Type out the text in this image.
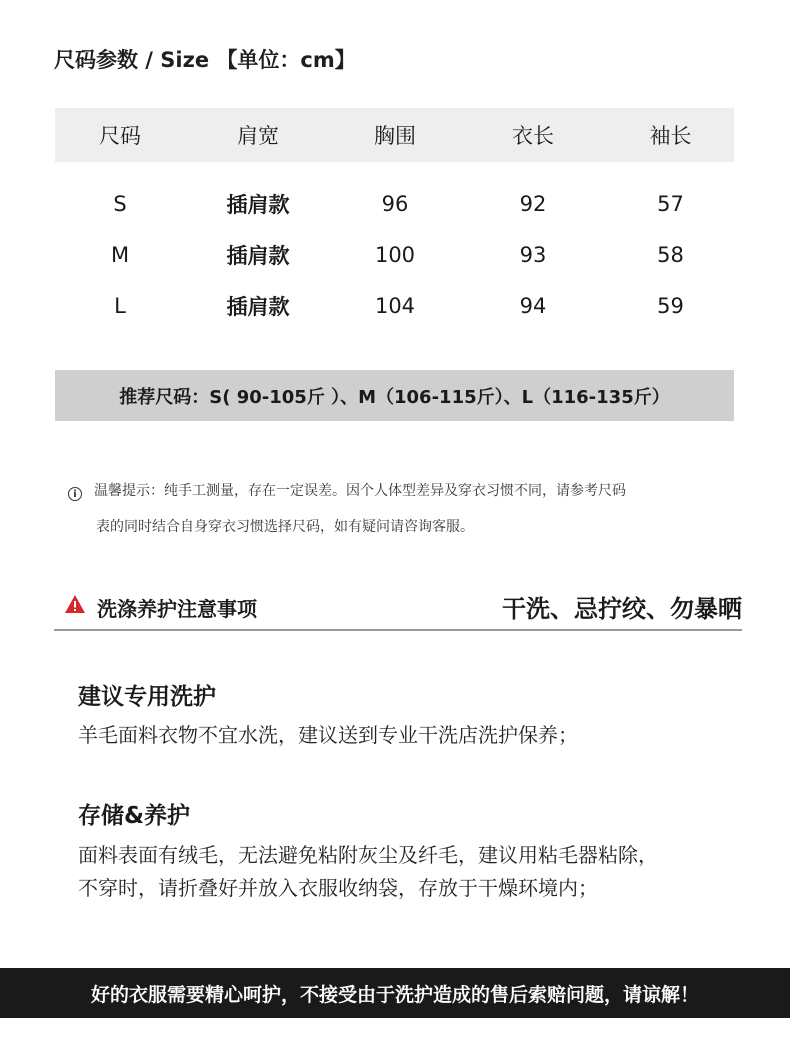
尺码参数 / Size 【单位：cm】
尺码	肩宽	胸围	衣长	袖长
S	插肩款	96	92	57
M	插肩款	100	93	58
L	插肩款	104	94	59
推荐尺码：S( 90-105斤 ）、M（106-115斤）、L（116-135斤）
i 温馨提示：纯手工测量，存在一定误差。因个人体型差异及穿衣习惯不同，请参考尺码
表的同时结合自身穿衣习惯选择尺码，如有疑问请咨询客服。
洗涤养护注意事项	干洗、忌拧绞、勿暴晒
建议专用洗护
羊毛面料衣物不宜水洗，建议送到专业干洗店洗护保养；
存储&养护
面料表面有绒毛，无法避免粘附灰尘及纤毛，建议用粘毛器粘除，
不穿时，请折叠好并放入衣服收纳袋，存放于干燥环境内；
好的衣服需要精心呵护，不接受由于洗护造成的售后索赔问题，请谅解！
